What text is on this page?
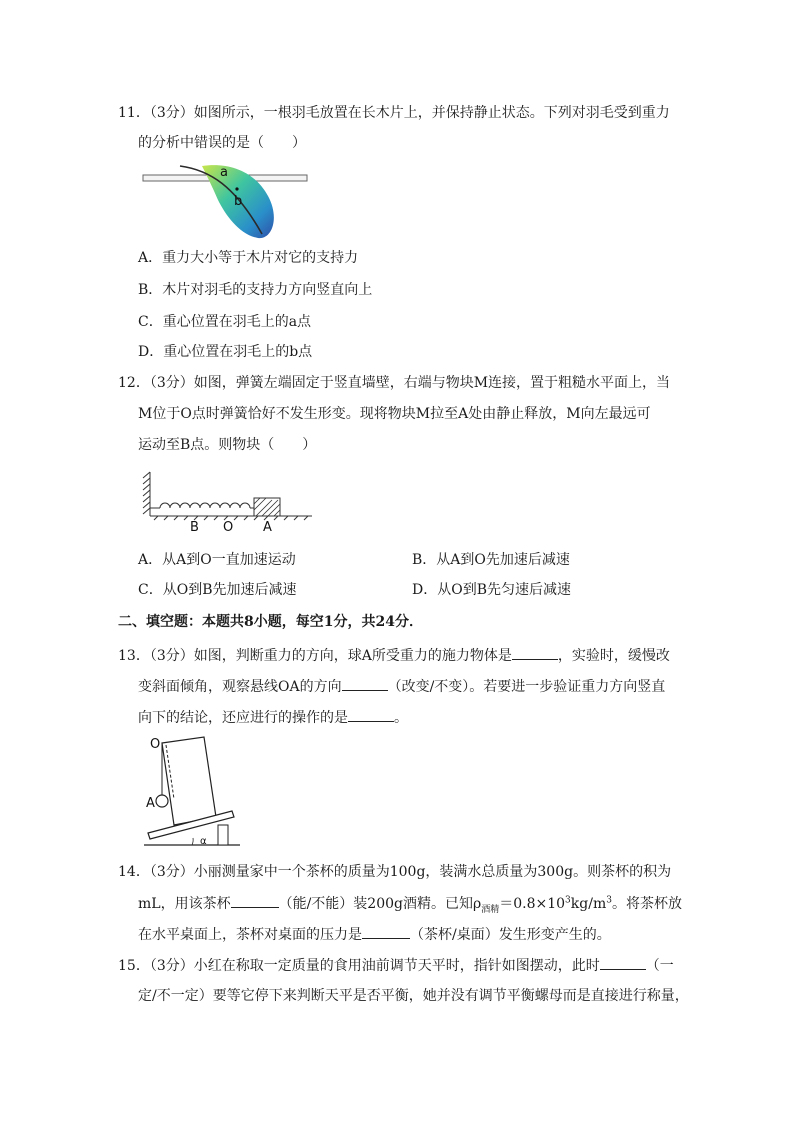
11．（3分）如图所示，一根羽毛放置在长木片上，并保持静止状态。下列对羽毛受到重力
的分析中错误的是（　　）
a
b
A．重力大小等于木片对它的支持力
B．木片对羽毛的支持力方向竖直向上
C．重心位置在羽毛上的a点
D．重心位置在羽毛上的b点
12．（3分）如图，弹簧左端固定于竖直墙壁，右端与物块M连接，置于粗糙水平面上，当
M位于O点时弹簧恰好不发生形变。现将物块M拉至A处由静止释放，M向左最远可
运动至B点。则物块（　　）
B O A
A．从A到O一直加速运动	B．从A到O先加速后减速
C．从O到B先加速后减速	D．从O到B先匀速后减速
二、填空题：本题共8小题，每空1分，共24分．
13．（3分）如图，判断重力的方向，球A所受重力的施力物体是	，实验时，缓慢改
变斜面倾角，观察悬线OA的方向	（改变/不变）。若要进一步验证重力方向竖直
向下的结论，还应进行的操作的是	。
O
A
α
14．（3分）小丽测量家中一个茶杯的质量为100g，装满水总质量为300g。则茶杯的积为
mL，用该茶杯	（能/不能）装200g酒精。已知$\rho_{酒精}=0.8\times 10^3kg/m^3$。将茶杯放
在水平桌面上，茶杯对桌面的压力是	（茶杯/桌面）发生形变产生的。
15．（3分）小红在称取一定质量的食用油前调节天平时，指针如图摆动，此时	（一
定/不一定）要等它停下来判断天平是否平衡，她并没有调节平衡螺母而是直接进行称量，
